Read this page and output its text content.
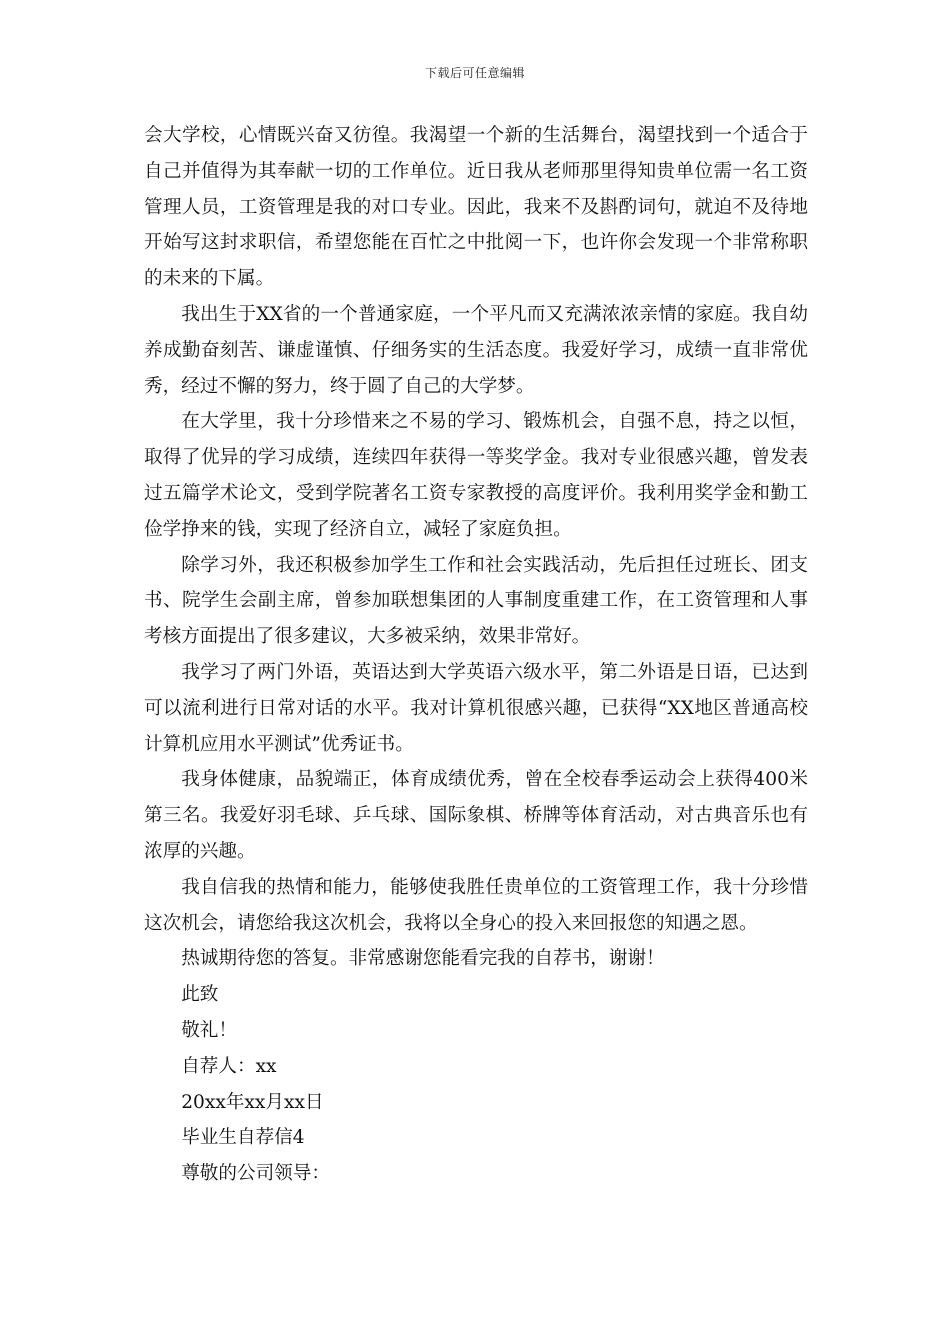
下载后可任意编辑

会大学校，心情既兴奋又彷徨。我渴望一个新的生活舞台，渴望找到一个适合于自己并值得为其奉献一切的工作单位。近日我从老师那里得知贵单位需一名工资管理人员，工资管理是我的对口专业。因此，我来不及斟酌词句，就迫不及待地开始写这封求职信，希望您能在百忙之中批阅一下，也许你会发现一个非常称职的未来的下属。

我出生于XX省的一个普通家庭，一个平凡而又充满浓浓亲情的家庭。我自幼养成勤奋刻苦、谦虚谨慎、仔细务实的生活态度。我爱好学习，成绩一直非常优秀，经过不懈的努力，终于圆了自己的大学梦。

在大学里，我十分珍惜来之不易的学习、锻炼机会，自强不息，持之以恒，取得了优异的学习成绩，连续四年获得一等奖学金。我对专业很感兴趣，曾发表过五篇学术论文，受到学院著名工资专家教授的高度评价。我利用奖学金和勤工俭学挣来的钱，实现了经济自立，减轻了家庭负担。

除学习外，我还积极参加学生工作和社会实践活动，先后担任过班长、团支书、院学生会副主席，曾参加联想集团的人事制度重建工作，在工资管理和人事考核方面提出了很多建议，大多被采纳，效果非常好。

我学习了两门外语，英语达到大学英语六级水平，第二外语是日语，已达到可以流利进行日常对话的水平。我对计算机很感兴趣，已获得“XX地区普通高校计算机应用水平测试”优秀证书。

我身体健康，品貌端正，体育成绩优秀，曾在全校春季运动会上获得400米第三名。我爱好羽毛球、乒乓球、国际象棋、桥牌等体育活动，对古典音乐也有浓厚的兴趣。

我自信我的热情和能力，能够使我胜任贵单位的工资管理工作，我十分珍惜这次机会，请您给我这次机会，我将以全身心的投入来回报您的知遇之恩。

热诚期待您的答复。非常感谢您能看完我的自荐书，谢谢！

此致
敬礼！
自荐人：xx
20xx年xx月xx日
毕业生自荐信4
尊敬的公司领导：
